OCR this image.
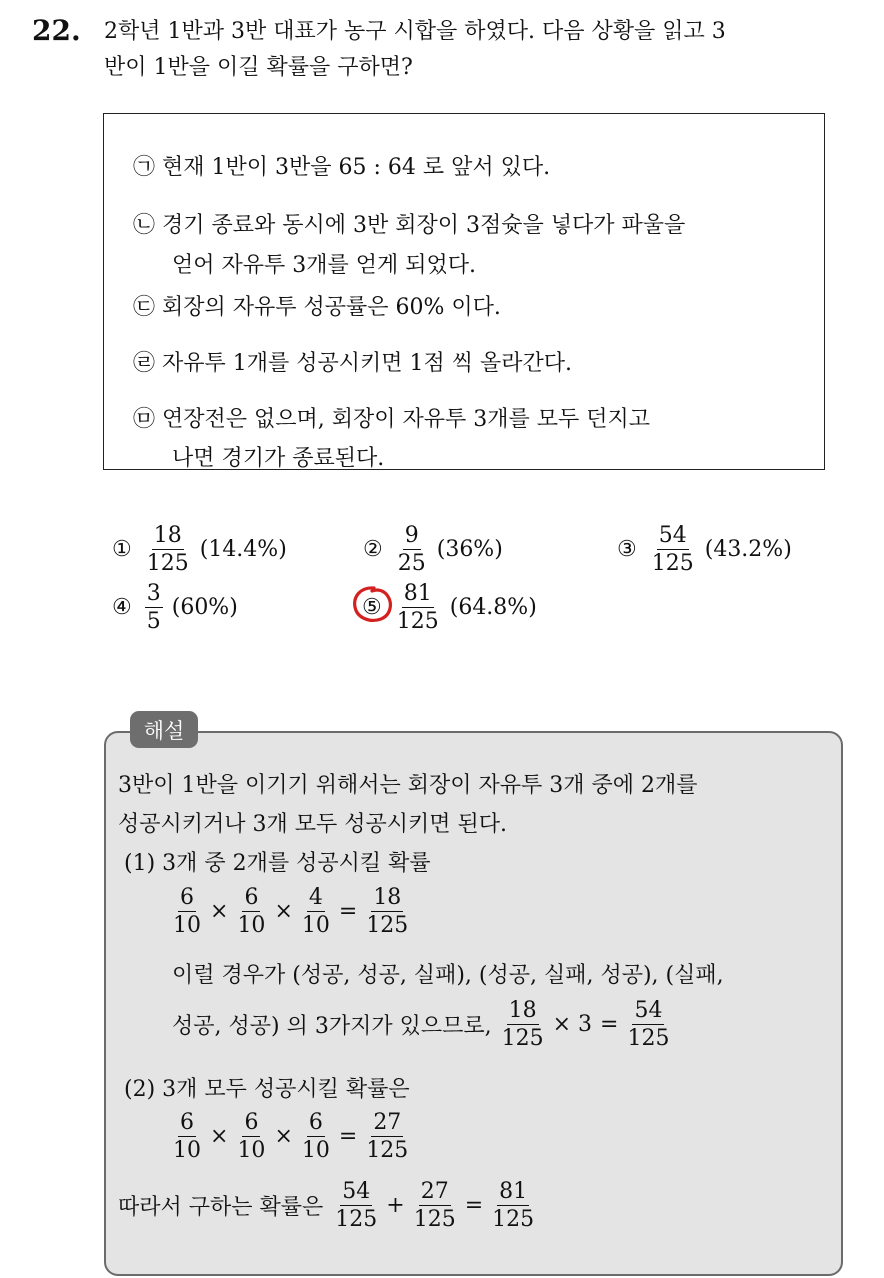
22. 2학년 1반과 3반 대표가 농구 시합을 하였다. 다음 상황을 읽고 3
반이 1반을 이길 확률을 구하면?
㉠ 현재 1반이 3반을 65 : 64 로 앞서 있다.
㉡ 경기 종료와 동시에 3반 회장이 3점슛을 넣다가 파울을
얻어 자유투 3개를 얻게 되었다.
㉢ 회장의 자유투 성공률은 60% 이다.
㉣ 자유투 1개를 성공시키면 1점 씩 올라간다.
㉤ 연장전은 없으며, 회장이 자유투 3개를 모두 던지고
나면 경기가 종료된다.
① $\frac{18}{125} (14.4\%)$	② $\frac{9}{25} (36\%)$	③ $\frac{54}{125} (43.2\%)$
④ $\frac{3}{5} (60\%)$	⑤ $\frac{81}{125} (64.8\%)$
해설
3반이 1반을 이기기 위해서는 회장이 자유투 3개 중에 2개를
성공시키거나 3개 모두 성공시키면 된다.
(1) 3개 중 2개를 성공시킬 확률
$\frac{6}{10} \times \frac{6}{10} \times \frac{4}{10} = \frac{18}{125}$
이럴 경우가 (성공, 성공, 실패), (성공, 실패, 성공), (실패,
성공, 성공) 의 3가지가 있으므로, $\frac{18}{125} \times 3 = \frac{54}{125}$
(2) 3개 모두 성공시킬 확률은
$\frac{6}{10} \times \frac{6}{10} \times \frac{6}{10} = \frac{27}{125}$
따라서 구하는 확률은 $\frac{54}{125} + \frac{27}{125} = \frac{81}{125}$
